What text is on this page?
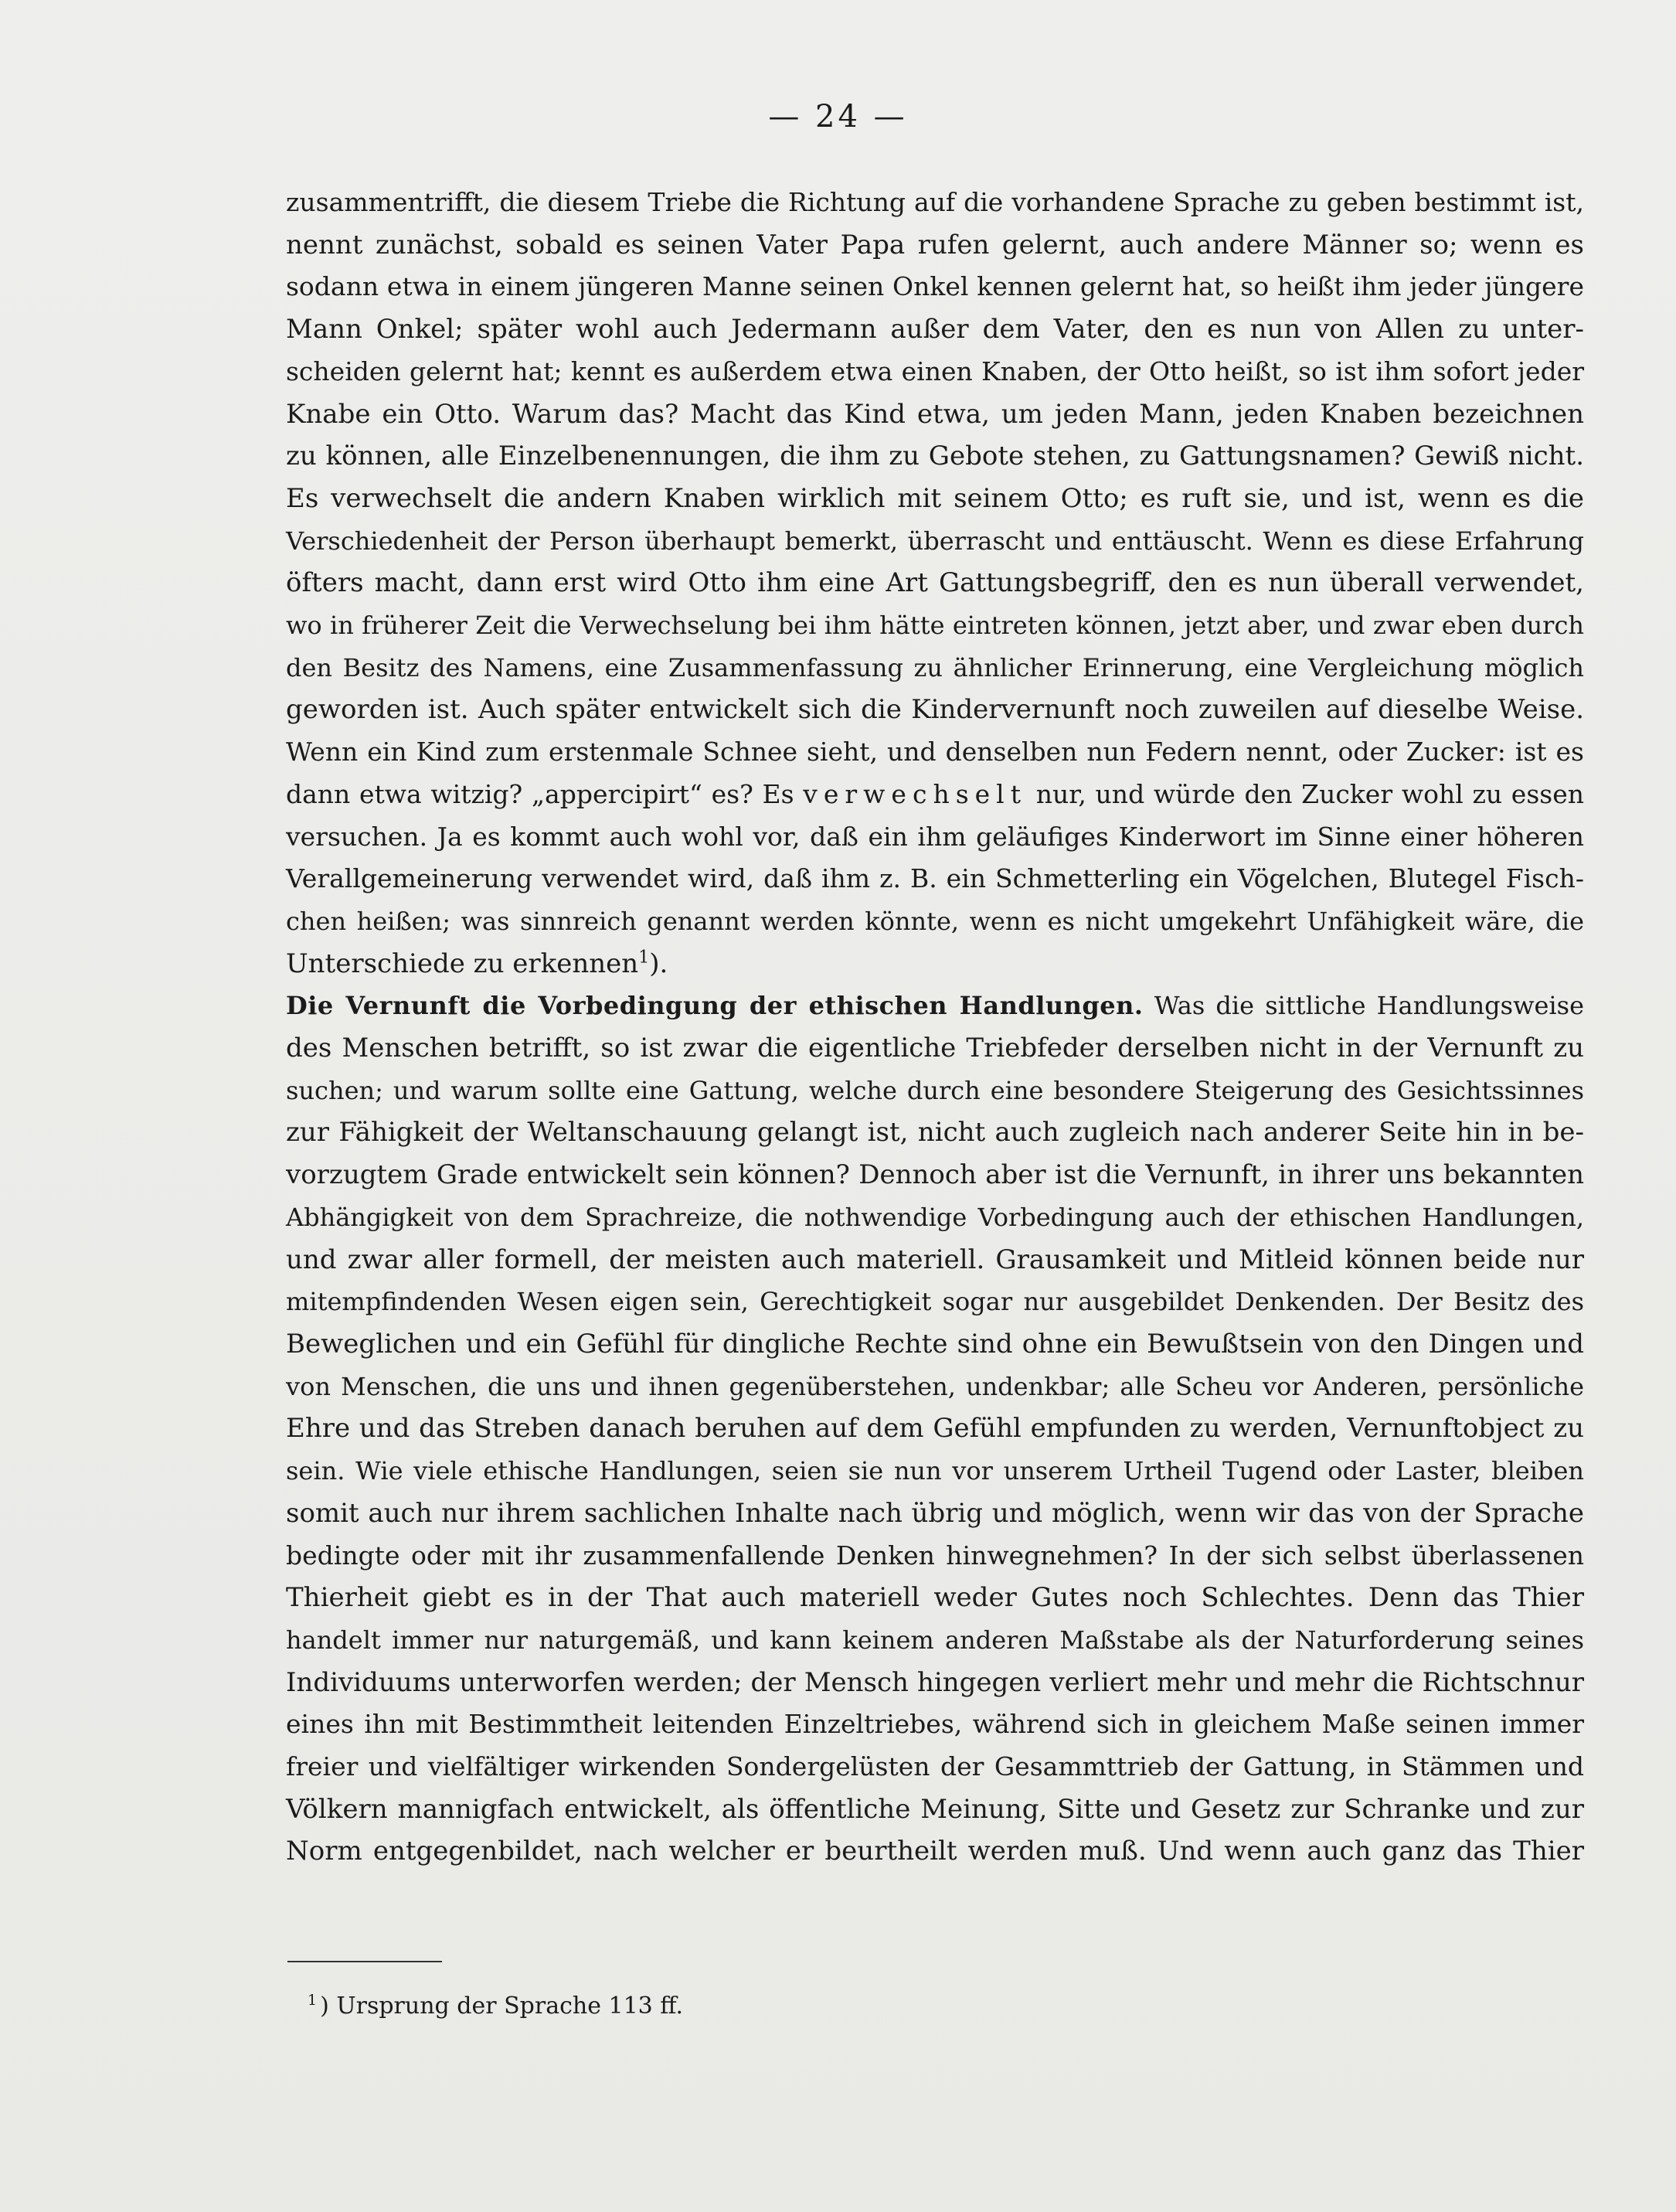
— 24 —
zusammentrifft, die diesem Triebe die Richtung auf die vorhandene Sprache zu geben bestimmt ist,
nennt zunächst, sobald es seinen Vater Papa rufen gelernt, auch andere Männer so; wenn es
sodann etwa in einem jüngeren Manne seinen Onkel kennen gelernt hat, so heißt ihm jeder jüngere
Mann Onkel; später wohl auch Jedermann außer dem Vater, den es nun von Allen zu unter-
scheiden gelernt hat; kennt es außerdem etwa einen Knaben, der Otto heißt, so ist ihm sofort jeder
Knabe ein Otto. Warum das? Macht das Kind etwa, um jeden Mann, jeden Knaben bezeichnen
zu können, alle Einzelbenennungen, die ihm zu Gebote stehen, zu Gattungsnamen? Gewiß nicht.
Es verwechselt die andern Knaben wirklich mit seinem Otto; es ruft sie, und ist, wenn es die
Verschiedenheit der Person überhaupt bemerkt, überrascht und enttäuscht. Wenn es diese Erfahrung
öfters macht, dann erst wird Otto ihm eine Art Gattungsbegriff, den es nun überall verwendet,
wo in früherer Zeit die Verwechselung bei ihm hätte eintreten können, jetzt aber, und zwar eben durch
den Besitz des Namens, eine Zusammenfassung zu ähnlicher Erinnerung, eine Vergleichung möglich
geworden ist. Auch später entwickelt sich die Kindervernunft noch zuweilen auf dieselbe Weise.
Wenn ein Kind zum erstenmale Schnee sieht, und denselben nun Federn nennt, oder Zucker: ist es
dann etwa witzig? „appercipirt“ es? Es verwechselt nur, und würde den Zucker wohl zu essen
versuchen. Ja es kommt auch wohl vor, daß ein ihm geläufiges Kinderwort im Sinne einer höheren
Verallgemeinerung verwendet wird, daß ihm z. B. ein Schmetterling ein Vögelchen, Blutegel Fisch-
chen heißen; was sinnreich genannt werden könnte, wenn es nicht umgekehrt Unfähigkeit wäre, die
Unterschiede zu erkennen$^1$).
Die Vernunft die Vorbedingung der ethischen Handlungen. Was die sittliche Handlungsweise
des Menschen betrifft, so ist zwar die eigentliche Triebfeder derselben nicht in der Vernunft zu
suchen; und warum sollte eine Gattung, welche durch eine besondere Steigerung des Gesichtssinnes
zur Fähigkeit der Weltanschauung gelangt ist, nicht auch zugleich nach anderer Seite hin in be-
vorzugtem Grade entwickelt sein können? Dennoch aber ist die Vernunft, in ihrer uns bekannten
Abhängigkeit von dem Sprachreize, die nothwendige Vorbedingung auch der ethischen Handlungen,
und zwar aller formell, der meisten auch materiell. Grausamkeit und Mitleid können beide nur
mitempfindenden Wesen eigen sein, Gerechtigkeit sogar nur ausgebildet Denkenden. Der Besitz des
Beweglichen und ein Gefühl für dingliche Rechte sind ohne ein Bewußtsein von den Dingen und
von Menschen, die uns und ihnen gegenüberstehen, undenkbar; alle Scheu vor Anderen, persönliche
Ehre und das Streben danach beruhen auf dem Gefühl empfunden zu werden, Vernunftobject zu
sein. Wie viele ethische Handlungen, seien sie nun vor unserem Urtheil Tugend oder Laster, bleiben
somit auch nur ihrem sachlichen Inhalte nach übrig und möglich, wenn wir das von der Sprache
bedingte oder mit ihr zusammenfallende Denken hinwegnehmen? In der sich selbst überlassenen
Thierheit giebt es in der That auch materiell weder Gutes noch Schlechtes. Denn das Thier
handelt immer nur naturgemäß, und kann keinem anderen Maßstabe als der Naturforderung seines
Individuums unterworfen werden; der Mensch hingegen verliert mehr und mehr die Richtschnur
eines ihn mit Bestimmtheit leitenden Einzeltriebes, während sich in gleichem Maße seinen immer
freier und vielfältiger wirkenden Sondergelüsten der Gesammttrieb der Gattung, in Stämmen und
Völkern mannigfach entwickelt, als öffentliche Meinung, Sitte und Gesetz zur Schranke und zur
Norm entgegenbildet, nach welcher er beurtheilt werden muß. Und wenn auch ganz das Thier
$^1$ ) Ursprung der Sprache 113 ff.
